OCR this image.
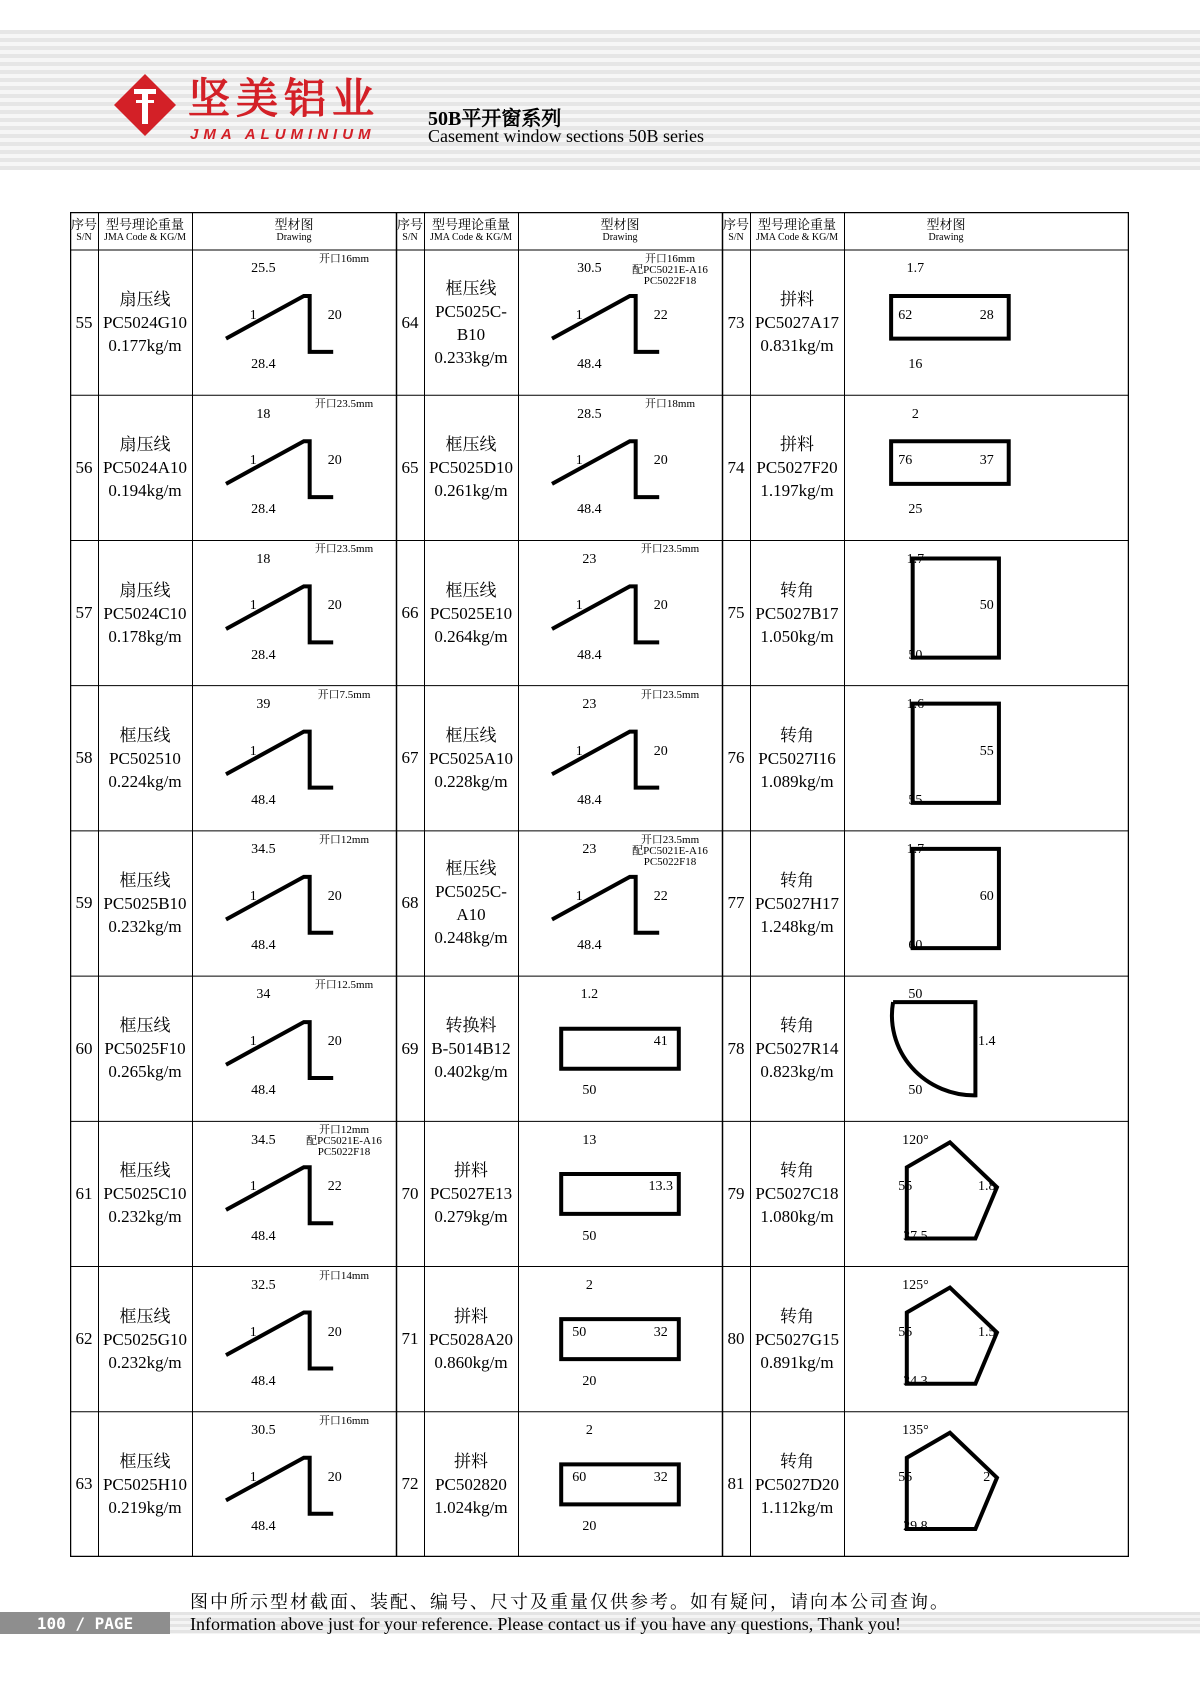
坚美铝业
JMA ALUMINIUM
50B平开窗系列
Casement window sections 50B series
序号
S/N
型号理论重量
JMA Code & KG/M
型材图
Drawing
序号
S/N
型号理论重量
JMA Code & KG/M
型材图
Drawing
序号
S/N
型号理论重量
JMA Code & KG/M
型材图
Drawing
55
扇压线
PC5024G10
0.177kg/m
开口16mm
25.5
20
28.4
1
56
扇压线
PC5024A10
0.194kg/m
开口23.5mm
18
20
28.4
1
57
扇压线
PC5024C10
0.178kg/m
开口23.5mm
18
20
28.4
1
58
框压线
PC502510
0.224kg/m
开口7.5mm
39
48.4
1
59
框压线
PC5025B10
0.232kg/m
开口12mm
34.5
20
48.4
1
60
框压线
PC5025F10
0.265kg/m
开口12.5mm
34
20
48.4
1
61
框压线
PC5025C10
0.232kg/m
开口12mm
配PC5021E-A16
PC5022F18
34.5
22
48.4
1
62
框压线
PC5025G10
0.232kg/m
开口14mm
32.5
20
48.4
1
63
框压线
PC5025H10
0.219kg/m
开口16mm
30.5
20
48.4
1
64
框压线
PC5025C-B10
0.233kg/m
开口16mm
配PC5021E-A16
PC5022F18
30.5
22
48.4
1
65
框压线
PC5025D10
0.261kg/m
开口18mm
28.5
20
48.4
1
66
框压线
PC5025E10
0.264kg/m
开口23.5mm
23
20
48.4
1
67
框压线
PC5025A10
0.228kg/m
开口23.5mm
23
20
48.4
1
68
框压线
PC5025C-A10
0.248kg/m
开口23.5mm
配PC5021E-A16
PC5022F18
23
22
48.4
1
69
转换料
B-5014B12
0.402kg/m
1.2
41
50
70
拼料
PC5027E13
0.279kg/m
13
13.3
50
71
拼料
PC5028A20
0.860kg/m
2
32
20
50
72
拼料
PC502820
1.024kg/m
2
32
20
60
73
拼料
PC5027A17
0.831kg/m
1.7
28
16
62
74
拼料
PC5027F20
1.197kg/m
2
37
25
76
75
转角
PC5027B17
1.050kg/m
1.7
50
50
76
转角
PC5027I16
1.089kg/m
1.6
55
55
77
转角
PC5027H17
1.248kg/m
1.7
60
60
78
转角
PC5027R14
0.823kg/m
50
1.4
50
79
转角
PC5027C18
1.080kg/m
120°
1.8
37.5
55
80
转角
PC5027G15
0.891kg/m
125°
1.5
34.3
55
81
转角
PC5027D20
1.112kg/m
135°
2
29.8
55
100 / PAGE
图中所示型材截面、装配、编号、尺寸及重量仅供参考。如有疑问，请向本公司查询。
Information above just for your reference. Please contact us if you have any questions, Thank you!
